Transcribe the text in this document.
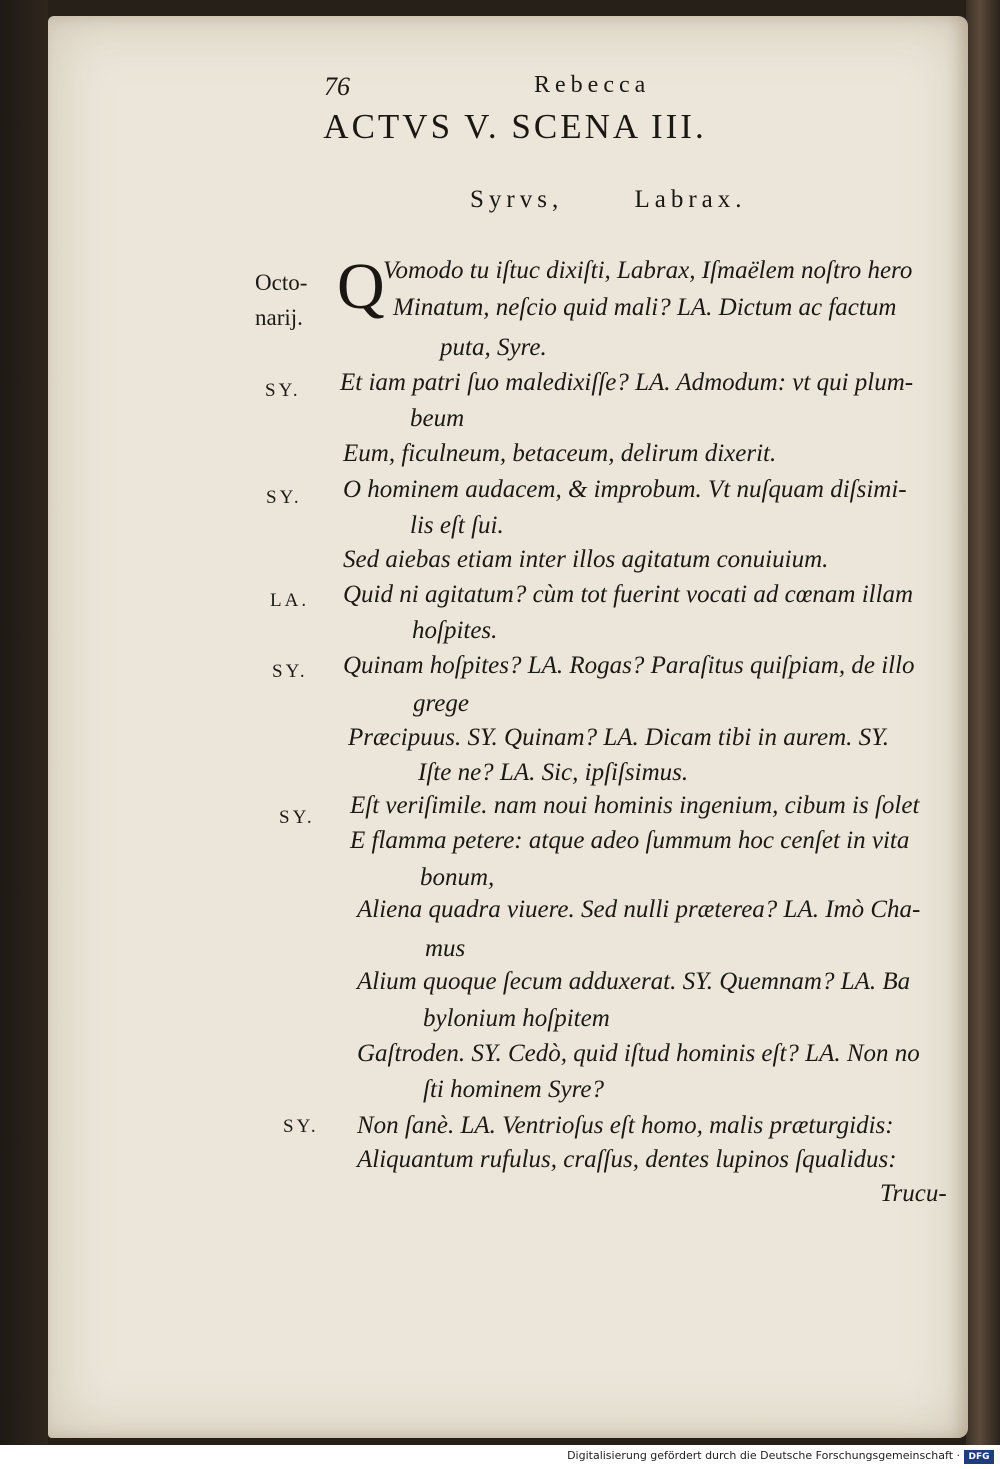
76	Rebecca
ACTVS V. SCENA III.
Syrvs,	Labrax.
Octo-
narij.
SY.
SY.
LA.
SY.
SY.
SY.
Q
Vomodo tu iſtuc dixiſti, Labrax, Iſmaëlem noſtro hero
Minatum, neſcio quid mali? LA. Dictum ac factum
puta, Syre.
Et iam patri ſuo maledixiſſe? LA. Admodum: vt qui plum-
beum
Eum, ficulneum, betaceum, delirum dixerit.
O hominem audacem, & improbum. Vt nuſquam diſsimi-
lis eſt ſui.
Sed aiebas etiam inter illos agitatum conuiuium.
Quid ni agitatum? cùm tot fuerint vocati ad cœnam illam
hoſpites.
Quinam hoſpites? LA. Rogas? Paraſitus quiſpiam, de illo
grege
Præcipuus. SY. Quinam? LA. Dicam tibi in aurem. SY.
Iſte ne? LA. Sic, ipſiſsimus.
Eſt veriſimile. nam noui hominis ingenium, cibum is ſolet
E flamma petere: atque adeo ſummum hoc cenſet in vita
bonum,
Aliena quadra viuere. Sed nulli præterea? LA. Imò Cha-
mus
Alium quoque ſecum adduxerat. SY. Quemnam? LA. Ba
bylonium hoſpitem
Gaſtroden. SY. Cedò, quid iſtud hominis eſt? LA. Non no
ſti hominem Syre?
Non ſanè. LA. Ventrioſus eſt homo, malis præturgidis:
Aliquantum rufulus, craſſus, dentes lupinos ſqualidus:
Trucu-
Digitalisierung gefördert durch die Deutsche Forschungsgemeinschaft · DFG
